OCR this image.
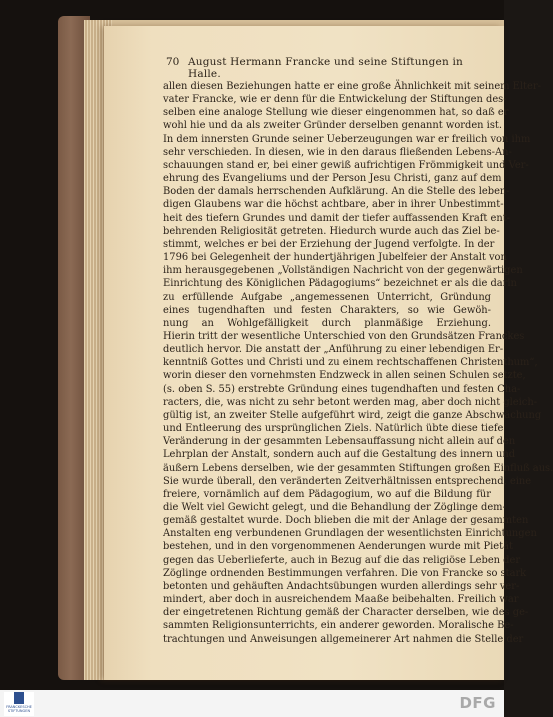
70 August Hermann Francke und seine Stiftungen in Halle.
allen diesen Beziehungen hatte er eine große Ähnlichkeit mit seinem Elter-
vater Francke, wie er denn für die Entwickelung der Stiftungen des-
selben eine analoge Stellung wie dieser eingenommen hat, so daß er
wohl hie und da als zweiter Gründer derselben genannt worden ist.
In dem innersten Grunde seiner Ueberzeugungen war er freilich von ihm
sehr verschieden. In diesen, wie in den daraus fließenden Lebens-An-
schauungen stand er, bei einer gewiß aufrichtigen Frömmigkeit und Ver-
ehrung des Evangeliums und der Person Jesu Christi, ganz auf dem
Boden der damals herrschenden Aufklärung. An die Stelle des leben-
digen Glaubens war die höchst achtbare, aber in ihrer Unbestimmt-
heit des tiefern Grundes und damit der tiefer auffassenden Kraft ent-
behrenden Religiosität getreten. Hiedurch wurde auch das Ziel be-
stimmt, welches er bei der Erziehung der Jugend verfolgte. In der
1796 bei Gelegenheit der hundertjährigen Jubelfeier der Anstalt von
ihm herausgegebenen „Vollständigen Nachricht von der gegenwärtigen
Einrichtung des Königlichen Pädagogiums“ bezeichnet er als die darin
zu erfüllende Aufgabe „angemessenen Unterricht, Gründung
eines tugendhaften und festen Charakters, so wie Gewöh-
nung an Wohlgefälligkeit durch planmäßige Erziehung.
Hierin tritt der wesentliche Unterschied von den Grundsätzen Franckes
deutlich hervor. Die anstatt der „Anführung zu einer lebendigen Er-
kenntniß Gottes und Christi und zu einem rechtschaffenen Christenthum“,
worin dieser den vornehmsten Endzweck in allen seinen Schulen setzte,
(s. oben S. 55) erstrebte Gründung eines tugendhaften und festen Cha-
racters, die, was nicht zu sehr betont werden mag, aber doch nicht gleich-
gültig ist, an zweiter Stelle aufgeführt wird, zeigt die ganze Abschwächung
und Entleerung des ursprünglichen Ziels. Natürlich übte diese tiefe
Veränderung in der gesammten Lebensauffassung nicht allein auf den
Lehrplan der Anstalt, sondern auch auf die Gestaltung des innern und
äußern Lebens derselben, wie der gesammten Stiftungen großen Einfluß aus.
Sie wurde überall, den veränderten Zeitverhältnissen entsprechend, eine
freiere, vornämlich auf dem Pädagogium, wo auf die Bildung für
die Welt viel Gewicht gelegt, und die Behandlung der Zöglinge dem-
gemäß gestaltet wurde. Doch blieben die mit der Anlage der gesammten
Anstalten eng verbundenen Grundlagen der wesentlichsten Einrichtungen
bestehen, und in den vorgenommenen Aenderungen wurde mit Pietät
gegen das Ueberlieferte, auch in Bezug auf die das religiöse Leben der
Zöglinge ordnenden Bestimmungen verfahren. Die von Francke so stark
betonten und gehäuften Andachtsübungen wurden allerdings sehr ver-
mindert, aber doch in ausreichendem Maaße beibehalten. Freilich war
der eingetretenen Richtung gemäß der Character derselben, wie des ge-
sammten Religionsunterrichts, ein anderer geworden. Moralische Be-
trachtungen und Anweisungen allgemeinerer Art nahmen die Stelle der
FRANCKESCHE STIFTUNGEN	DFG
